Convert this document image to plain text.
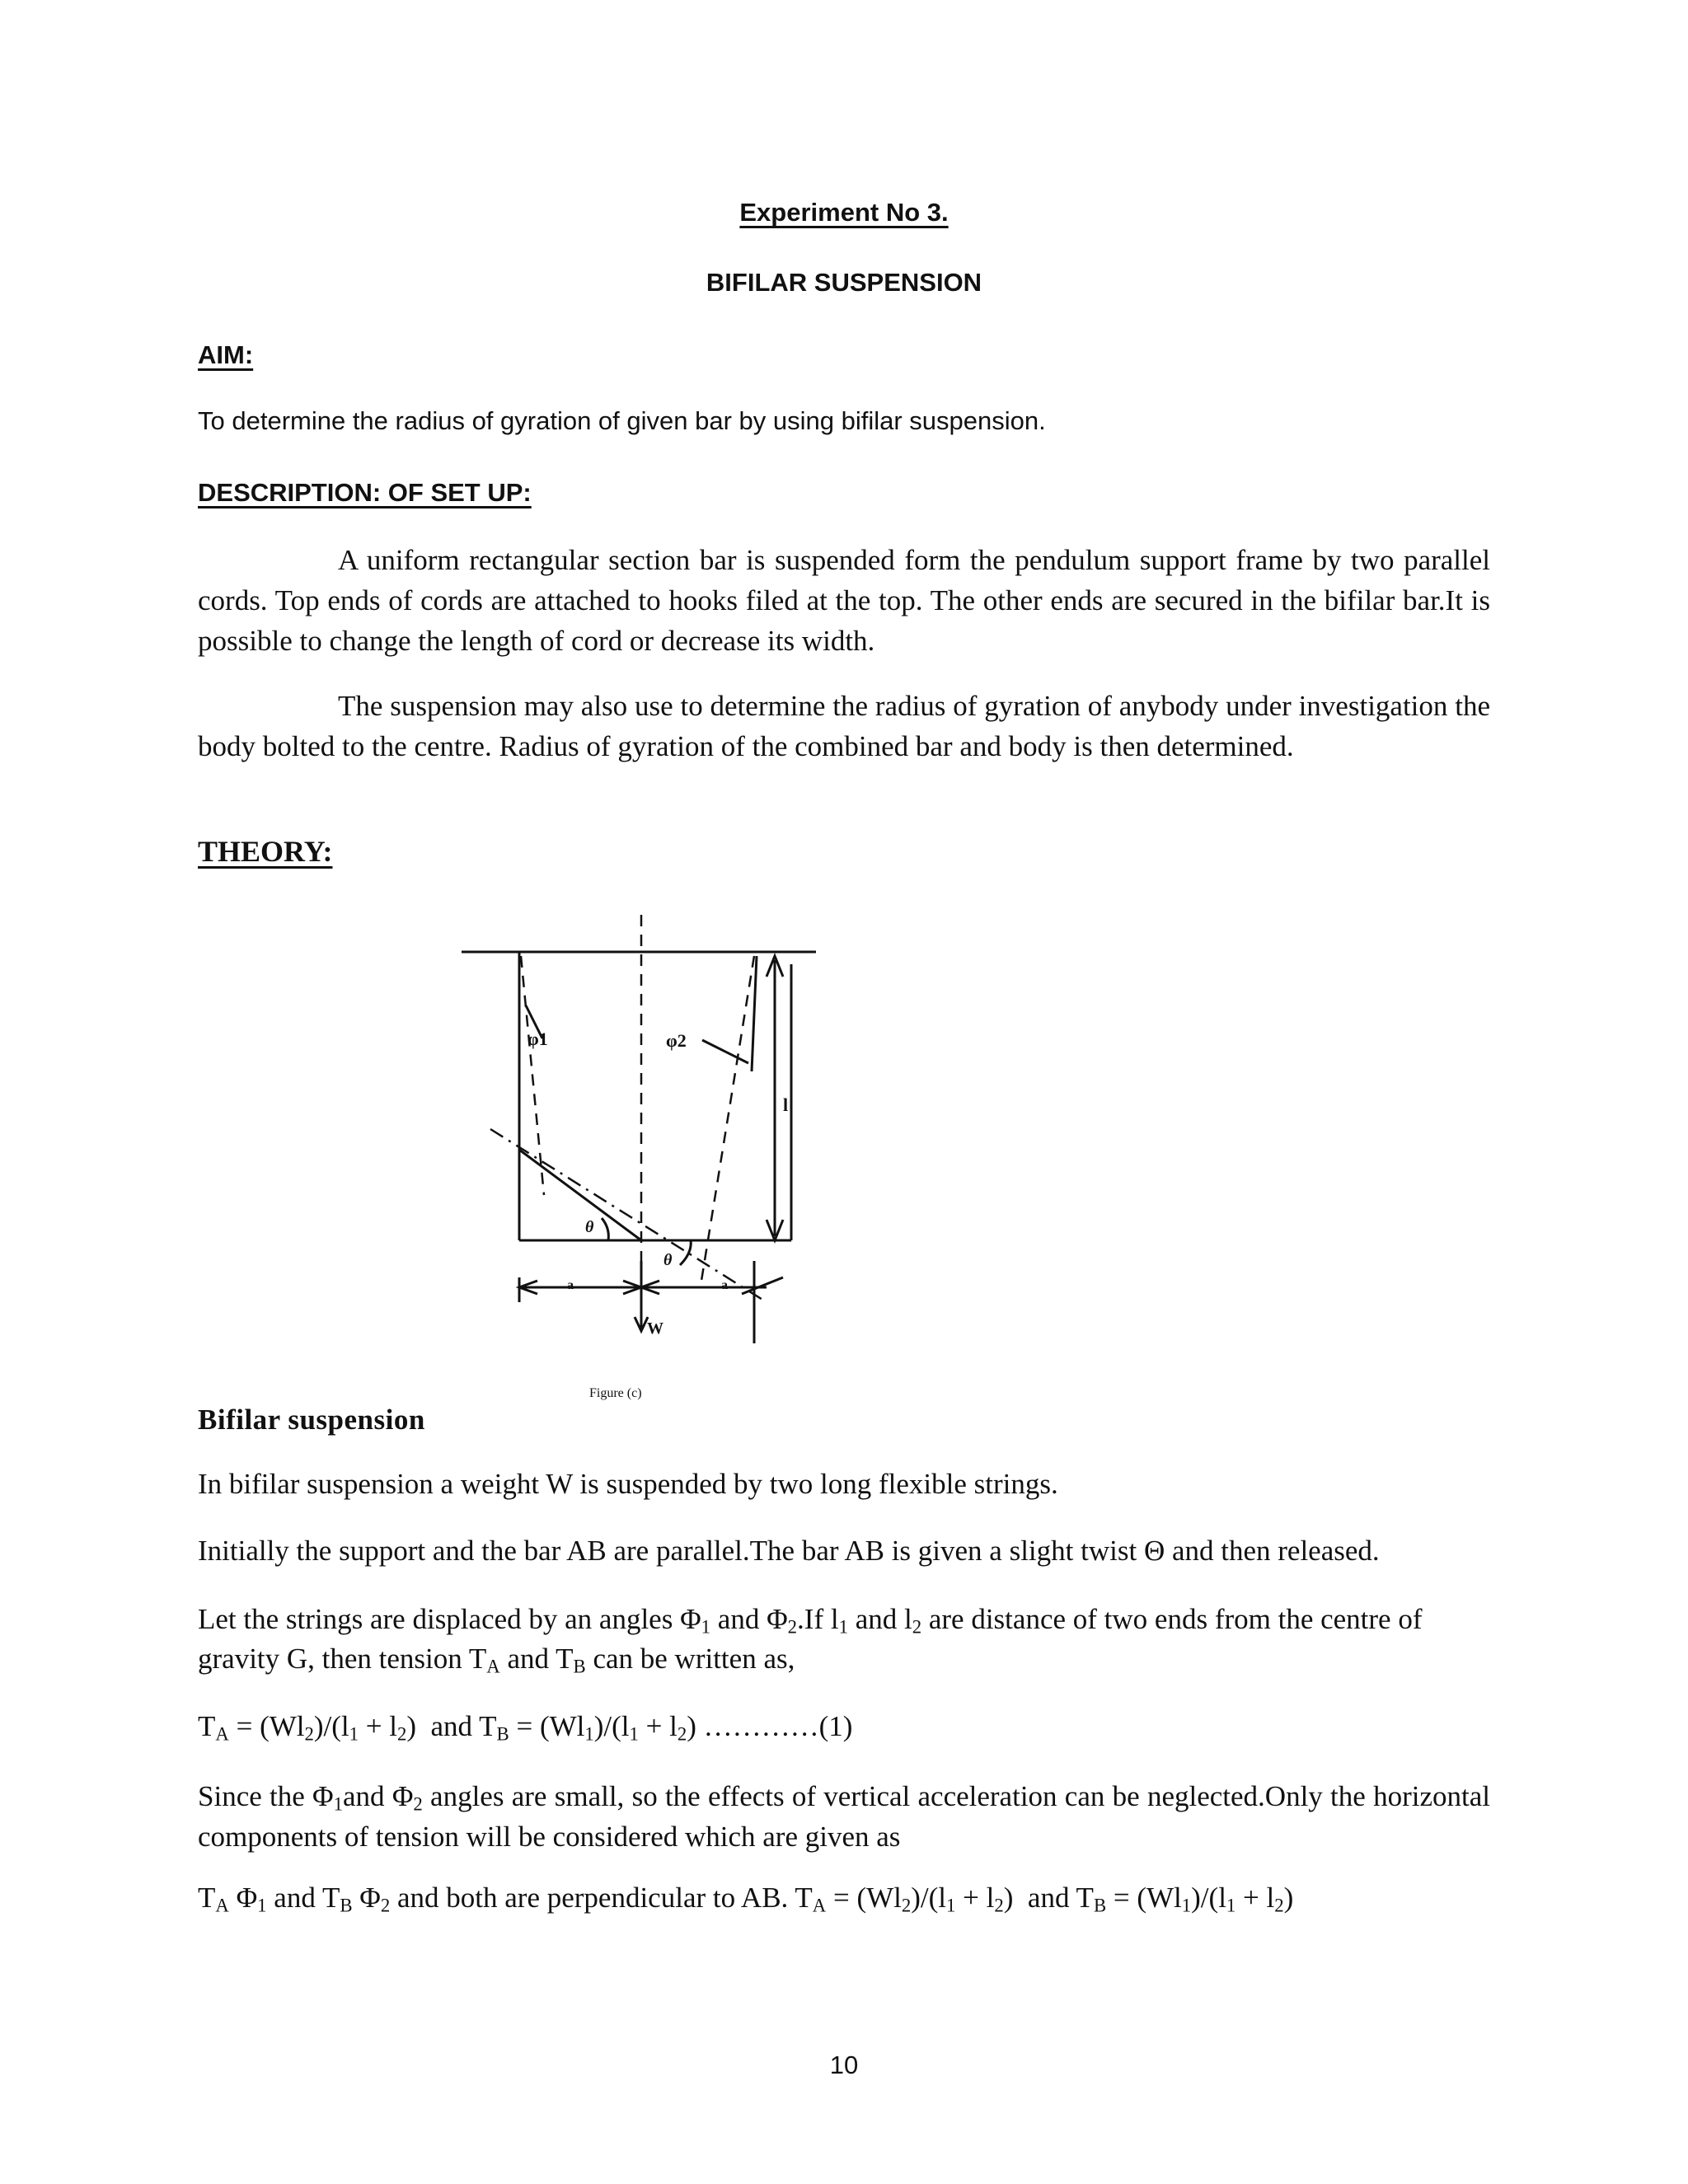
Experiment No 3.
BIFILAR SUSPENSION
AIM:
To determine the radius of gyration of given bar by using bifilar suspension.
DESCRIPTION: OF SET UP:
A uniform rectangular section bar is suspended form the pendulum support frame by two parallel cords. Top ends of cords are attached to hooks filed at the top. The other ends are secured in the bifilar bar.It is possible to change the length of cord or decrease its width.
The suspension may also use to determine the radius of gyration of anybody under investigation the body bolted to the centre. Radius of gyration of the combined bar and body is then determined.
THEORY:
φ1	φ2
l
θ
θ
a	a
W
Figure (c)
Bifilar suspension
In bifilar suspension a weight W is suspended by two long flexible strings.
Initially the support and the bar AB are parallel.The bar AB is given a slight twist Θ and then released.
Let the strings are displaced by an angles $\Phi_1$ and $\Phi_2.If$ $l_1$ and $l_2$ are distance of two ends from the centre of
gravity G, then tension $T_A$ and $T_B$ can be written as,
$T_A = (Wl_2)/(l_1 + l_2)$  and $T_B = (Wl_1)/(l_1 + l_2)$ …………(1)
Since the $\Phi_1and$ $\Phi_2$ angles are small, so the effects of vertical acceleration can be neglected.Only the horizontal components of tension will be considered which are given as
$T_A$ $\Phi_1$ and $T_B$ $\Phi_2$ and both are perpendicular to AB. $T_A = (Wl_2)/(l_1 + l_2)$  and $T_B = (Wl_1)/(l_1 + l_2)$
10
